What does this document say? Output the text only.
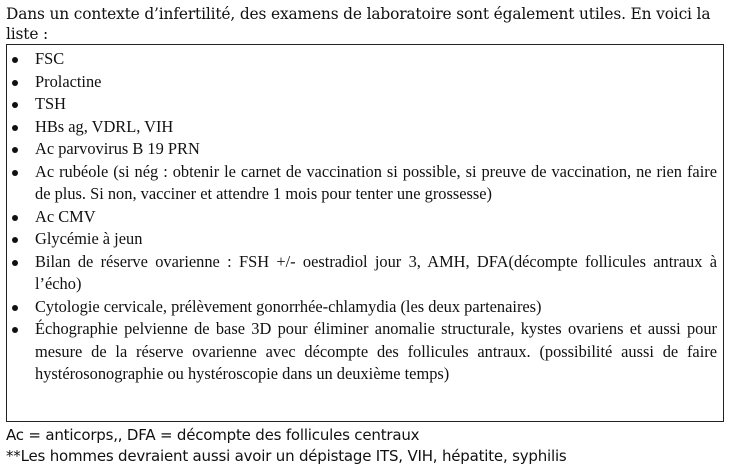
Dans un contexte d’infertilité, des examens de laboratoire sont également utiles. En voici la liste :
FSC
Prolactine
TSH
HBs ag, VDRL, VIH
Ac parvovirus B 19 PRN
Ac rubéole (si nég : obtenir le carnet de vaccination si possible, si preuve de vaccination, ne rien faire de plus. Si non, vacciner et attendre 1 mois pour tenter une grossesse)
Ac CMV
Glycémie à jeun
Bilan de réserve ovarienne : FSH +/- oestradiol jour 3, AMH, DFA(décompte follicules antraux à l’écho)
Cytologie cervicale, prélèvement gonorrhée-chlamydia (les deux partenaires)
Échographie pelvienne de base 3D pour éliminer anomalie structurale, kystes ovariens et aussi pour mesure de la réserve ovarienne avec décompte des follicules antraux. (possibilité aussi de faire hystérosonographie ou hystéroscopie dans un deuxième temps)
Ac = anticorps,, DFA = décompte des follicules centraux
**Les hommes devraient aussi avoir un dépistage ITS, VIH, hépatite, syphilis
